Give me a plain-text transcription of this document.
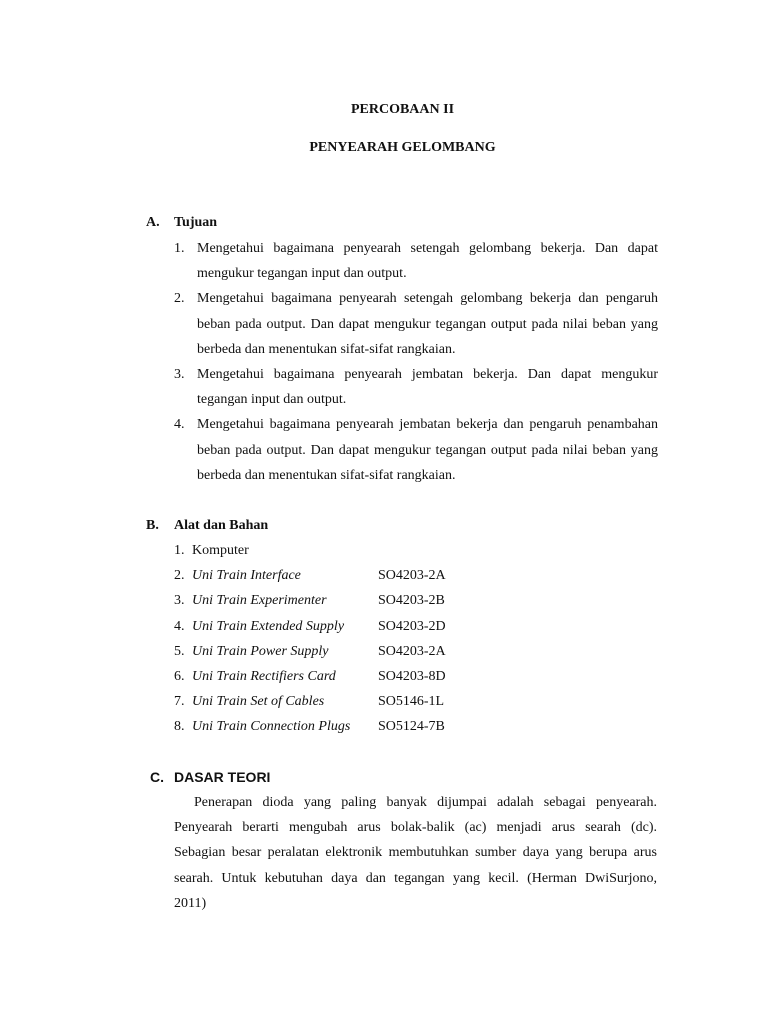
PERCOBAAN II
PENYEARAH GELOMBANG
A. Tujuan
1. Mengetahui bagaimana penyearah setengah gelombang bekerja. Dan dapat mengukur tegangan input dan output.
2. Mengetahui bagaimana penyearah setengah gelombang bekerja dan pengaruh beban pada output. Dan dapat mengukur tegangan output pada nilai beban yang berbeda dan menentukan sifat-sifat rangkaian.
3. Mengetahui bagaimana penyearah jembatan bekerja. Dan dapat mengukur tegangan input dan output.
4. Mengetahui bagaimana penyearah jembatan bekerja dan pengaruh penambahan beban pada output. Dan dapat mengukur tegangan output pada nilai beban yang berbeda dan menentukan sifat-sifat rangkaian.
B. Alat dan Bahan
1. Komputer
2. Uni Train Interface	SO4203-2A
3. Uni Train Experimenter	SO4203-2B
4. Uni Train Extended Supply SO4203-2D
5. Uni Train Power Supply	SO4203-2A
6. Uni Train Rectifiers Card	SO4203-8D
7. Uni Train Set of Cables	SO5146-1L
8. Uni Train Connection Plugs SO5124-7B
C. DASAR TEORI

Penerapan dioda yang paling banyak dijumpai adalah sebagai penyearah. Penyearah berarti mengubah arus bolak-balik (ac) menjadi arus searah (dc). Sebagian besar peralatan elektronik membutuhkan sumber daya yang berupa arus searah. Untuk kebutuhan daya dan tegangan yang kecil. (Herman DwiSurjono, 2011)
